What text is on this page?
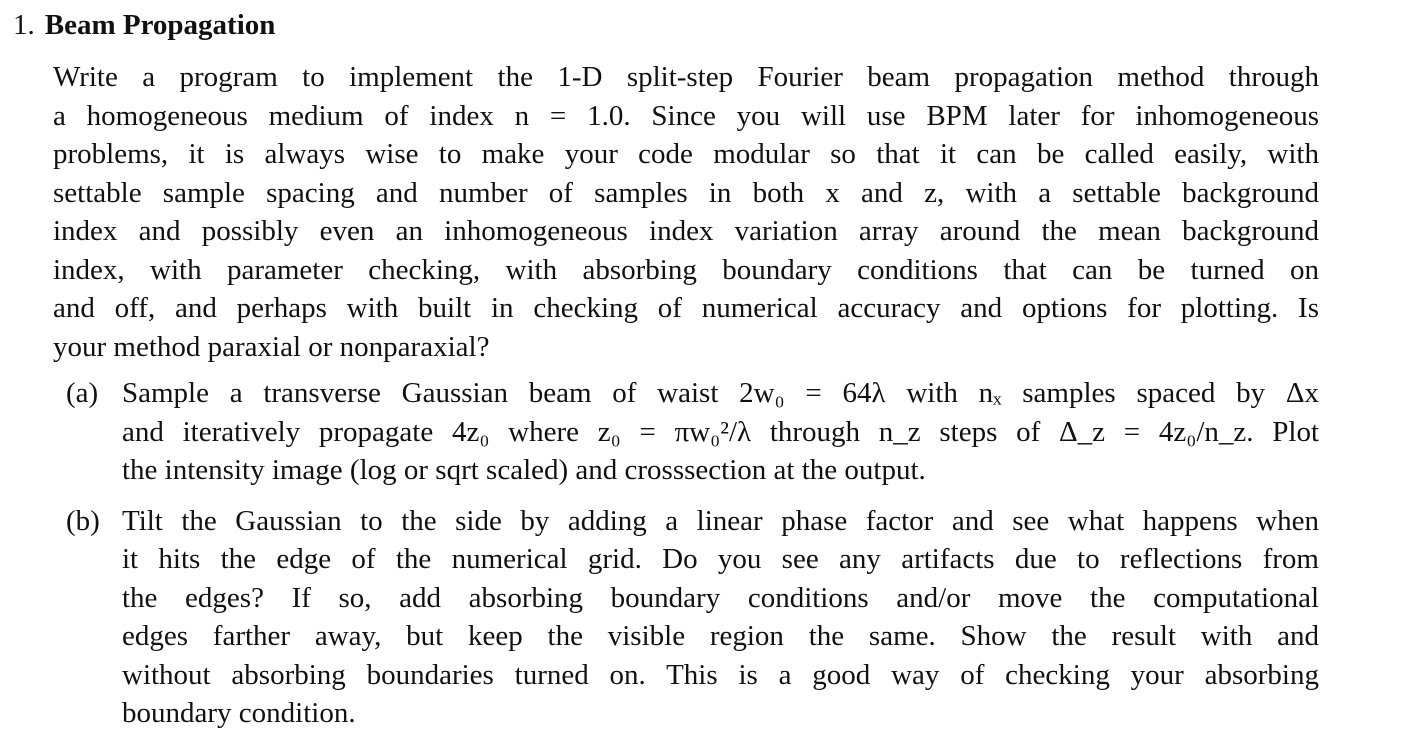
1. Beam Propagation
Write a program to implement the 1-D split-step Fourier beam propagation method through
a homogeneous medium of index n = 1.0. Since you will use BPM later for inhomogeneous
problems, it is always wise to make your code modular so that it can be called easily, with
settable sample spacing and number of samples in both x and z, with a settable background
index and possibly even an inhomogeneous index variation array around the mean background
index, with parameter checking, with absorbing boundary conditions that can be turned on
and off, and perhaps with built in checking of numerical accuracy and options for plotting. Is
your method paraxial or nonparaxial?
(a) Sample a transverse Gaussian beam of waist 2w₀ = 64λ with nₓ samples spaced by Δx
and iteratively propagate 4z₀ where z₀ = πw₀²/λ through n_z steps of Δ_z = 4z₀/n_z. Plot
the intensity image (log or sqrt scaled) and crosssection at the output.
(b) Tilt the Gaussian to the side by adding a linear phase factor and see what happens when
it hits the edge of the numerical grid. Do you see any artifacts due to reflections from
the edges? If so, add absorbing boundary conditions and/or move the computational
edges farther away, but keep the visible region the same. Show the result with and
without absorbing boundaries turned on. This is a good way of checking your absorbing
boundary condition.
